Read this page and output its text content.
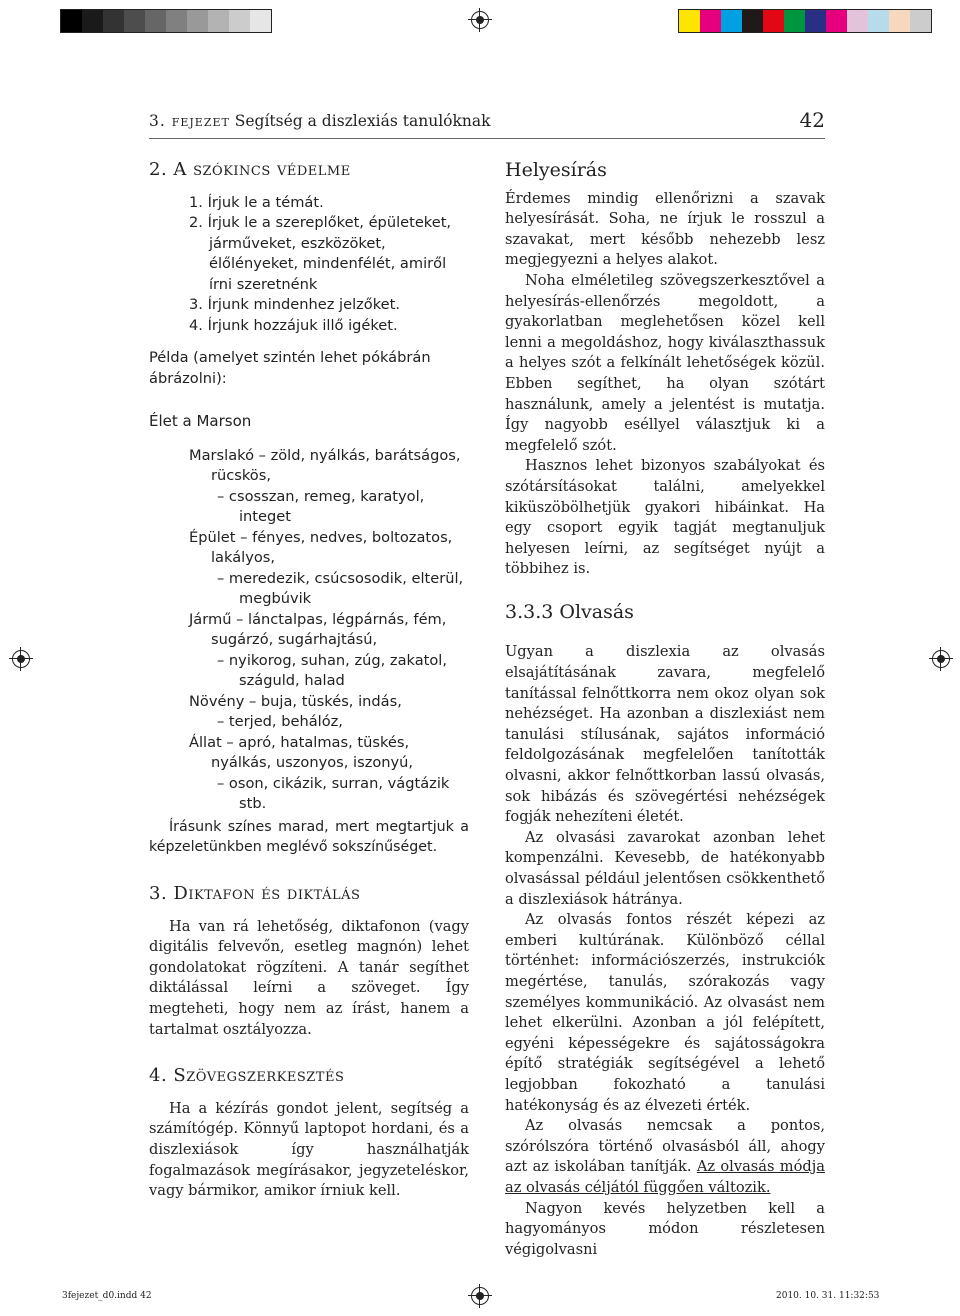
3. fejezet Segítség a diszlexiás tanulóknak	42

2. A szókincs védelme

1. Írjuk le a témát.
2. Írjuk le a szereplőket, épületeket, járműveket, eszközöket, élőlényeket, mindenfélét, amiről írni szeretnénk
3. Írjunk mindenhez jelzőket.
4. Írjunk hozzájuk illő igéket.

Példa (amelyet szintén lehet pókábrán ábrázolni):

Élet a Marson

Marslakó – zöld, nyálkás, barátságos, rücskös,
– csosszan, remeg, karatyol, integet
Épület – fényes, nedves, boltozatos, lakályos,
– meredezik, csúcsosodik, elterül, megbúvik
Jármű – lánctalpas, légpárnás, fém, sugárzó, sugárhajtású,
– nyikorog, suhan, zúg, zakatol, száguld, halad
Növény – buja, tüskés, indás,
– terjed, behálóz,
Állat – apró, hatalmas, tüskés, nyálkás, uszonyos, iszonyú,
– oson, cikázik, surran, vágtázik stb.

Írásunk színes marad, mert megtartjuk a képzeletünkben meglévő sokszínűséget.

3. Diktafon és diktálás

Ha van rá lehetőség, diktafonon (vagy digitális felvevőn, esetleg magnón) lehet gondolatokat rögzíteni. A tanár segíthet diktálással leírni a szöveget. Így megteheti, hogy nem az írást, hanem a tartalmat osztályozza.

4. Szövegszerkesztés

Ha a kézírás gondot jelent, segítség a számítógép. Könnyű laptopot hordani, és a diszlexiások így használhatják fogalmazások megírásakor, jegyzeteléskor, vagy bármikor, amikor írniuk kell.

Helyesírás

Érdemes mindig ellenőrizni a szavak helyesírását. Soha, ne írjuk le rosszul a szavakat, mert később nehezebb lesz megjegyezni a helyes alakot.

Noha elméletileg szövegszerkesztővel a helyesírás-ellenőrzés megoldott, a gyakorlatban meglehetősen közel kell lenni a megoldáshoz, hogy kiválaszthassuk a helyes szót a felkínált lehetőségek közül. Ebben segíthet, ha olyan szótárt használunk, amely a jelentést is mutatja. Így nagyobb eséllyel választjuk ki a megfelelő szót.

Hasznos lehet bizonyos szabályokat és szótársításokat találni, amelyekkel kiküszöbölhetjük gyakori hibáinkat. Ha egy csoport egyik tagját megtanuljuk helyesen leírni, az segítséget nyújt a többihez is.

3.3.3 Olvasás

Ugyan a diszlexia az olvasás elsajátításának zavara, megfelelő tanítással felnőttkorra nem okoz olyan sok nehézséget. Ha azonban a diszlexiást nem tanulási stílusának, sajátos információ feldolgozásának megfelelően tanították olvasni, akkor felnőttkorban lassú olvasás, sok hibázás és szövegértési nehézségek fogják nehezíteni életét.

Az olvasási zavarokat azonban lehet kompenzálni. Kevesebb, de hatékonyabb olvasással például jelentősen csökkenthető a diszlexiások hátránya.

Az olvasás fontos részét képezi az emberi kultúrának. Különböző céllal történhet: információszerzés, instrukciók megértése, tanulás, szórakozás vagy személyes kommunikáció. Az olvasást nem lehet elkerülni. Azonban a jól felépített, egyéni képességekre és sajátosságokra építő stratégiák segítségével a lehető legjobban fokozható a tanulási hatékonyság és az élvezeti érték.

Az olvasás nemcsak a pontos, szórólszóra történő olvasásból áll, ahogy azt az iskolában tanítják. Az olvasás módja az olvasás céljától függően változik.

Nagyon kevés helyzetben kell a hagyományos módon részletesen végigolvasni

3fejezet_d0.indd 42	2010. 10. 31. 11:32:53
